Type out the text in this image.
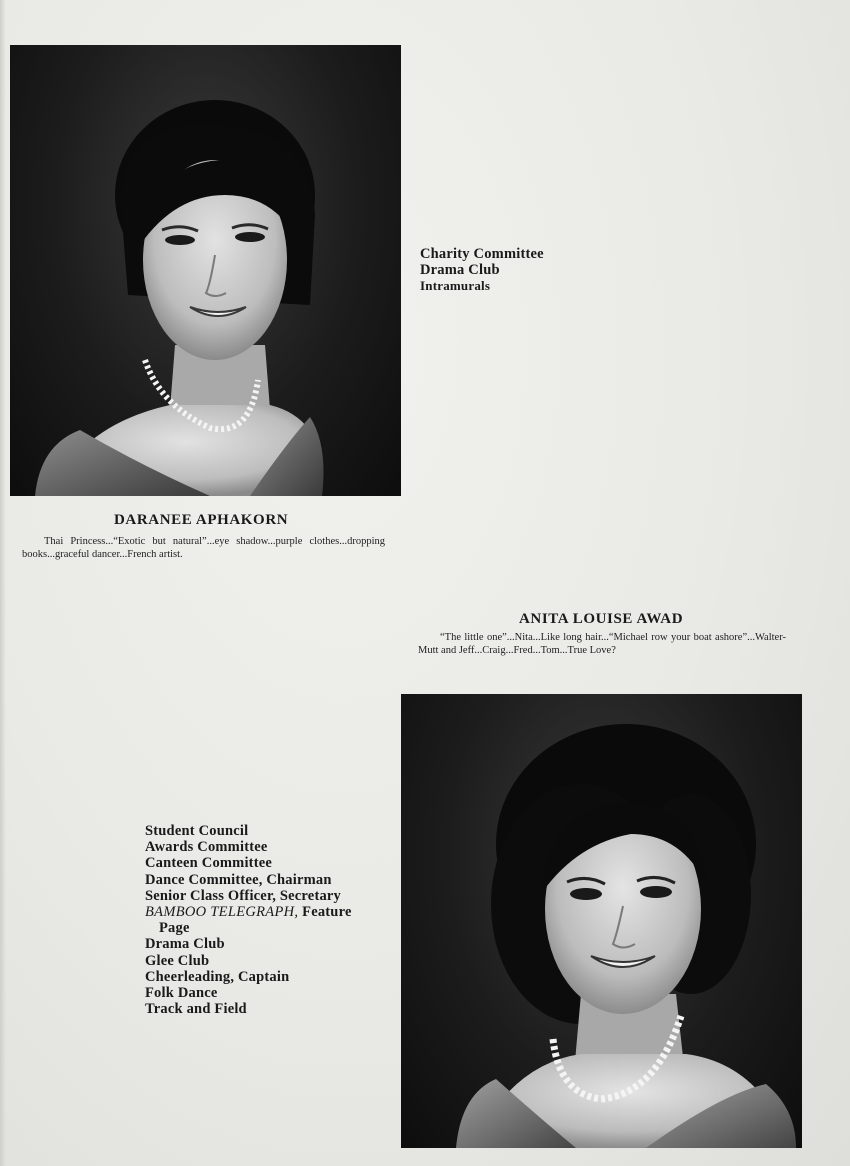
Charity Committee
Drama Club
Intramurals
DARANEE APHAKORN
Thai Princess...“Exotic but natural”...eye shadow...purple clothes...dropping books...graceful dancer...French artist.
ANITA LOUISE AWAD
“The little one”...Nita...Like long hair...“Michael row your boat ashore”...Walter-Mutt and Jeff...Craig...Fred...Tom...True Love?
Student Council
Awards Committee
Canteen Committee
Dance Committee, Chairman
Senior Class Officer, Secretary
BAMBOO TELEGRAPH, Feature
Page
Drama Club
Glee Club
Cheerleading, Captain
Folk Dance
Track and Field
